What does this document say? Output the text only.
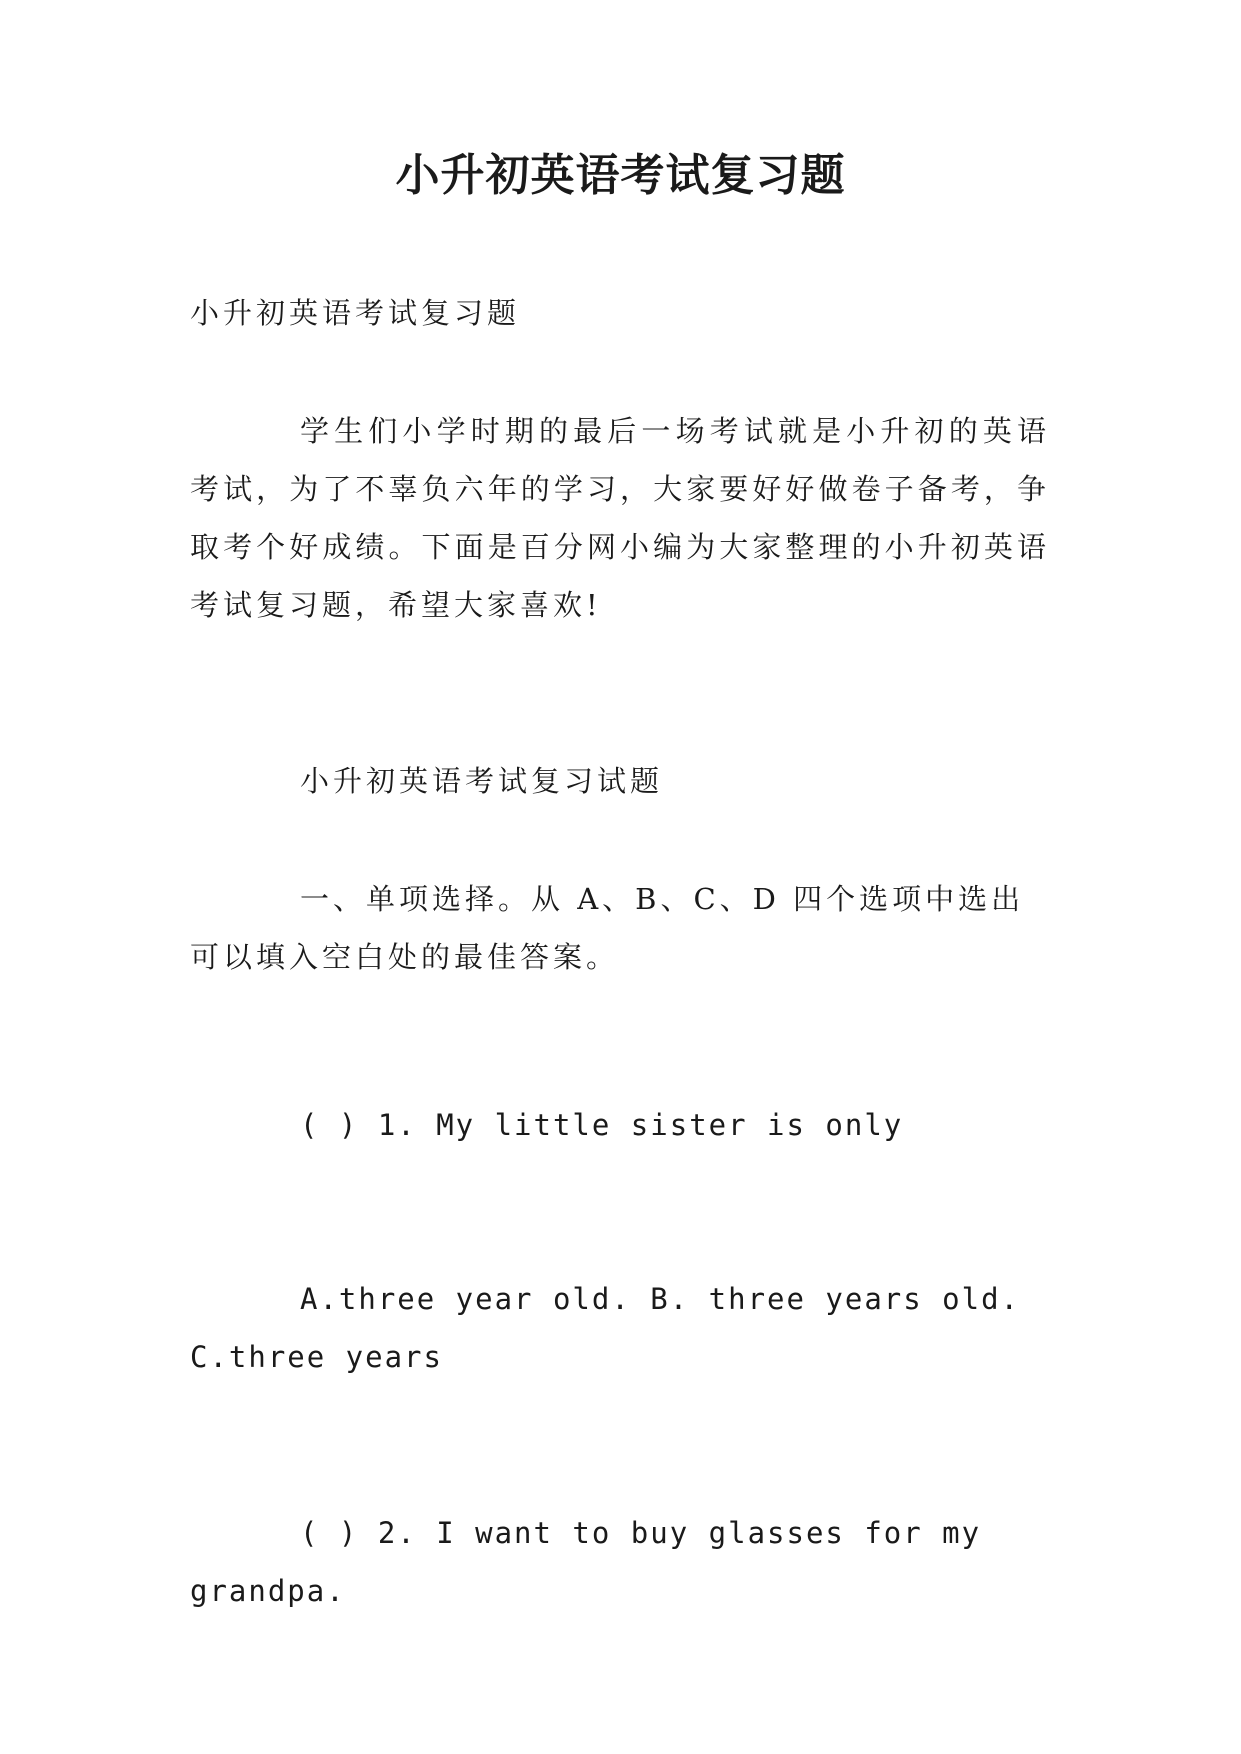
小升初英语考试复习题

小升初英语考试复习题

学生们小学时期的最后一场考试就是小升初的英语考试，为了不辜负六年的学习，大家要好好做卷子备考，争取考个好成绩。下面是百分网小编为大家整理的小升初英语考试复习题，希望大家喜欢!

小升初英语考试复习试题

一、单项选择。从 A、B、C、D 四个选项中选出可以填入空白处的最佳答案。

( ) 1. My little sister is only

A.three year old. B. three years old. C.three years

( ) 2. I want to buy glasses for my grandpa.
